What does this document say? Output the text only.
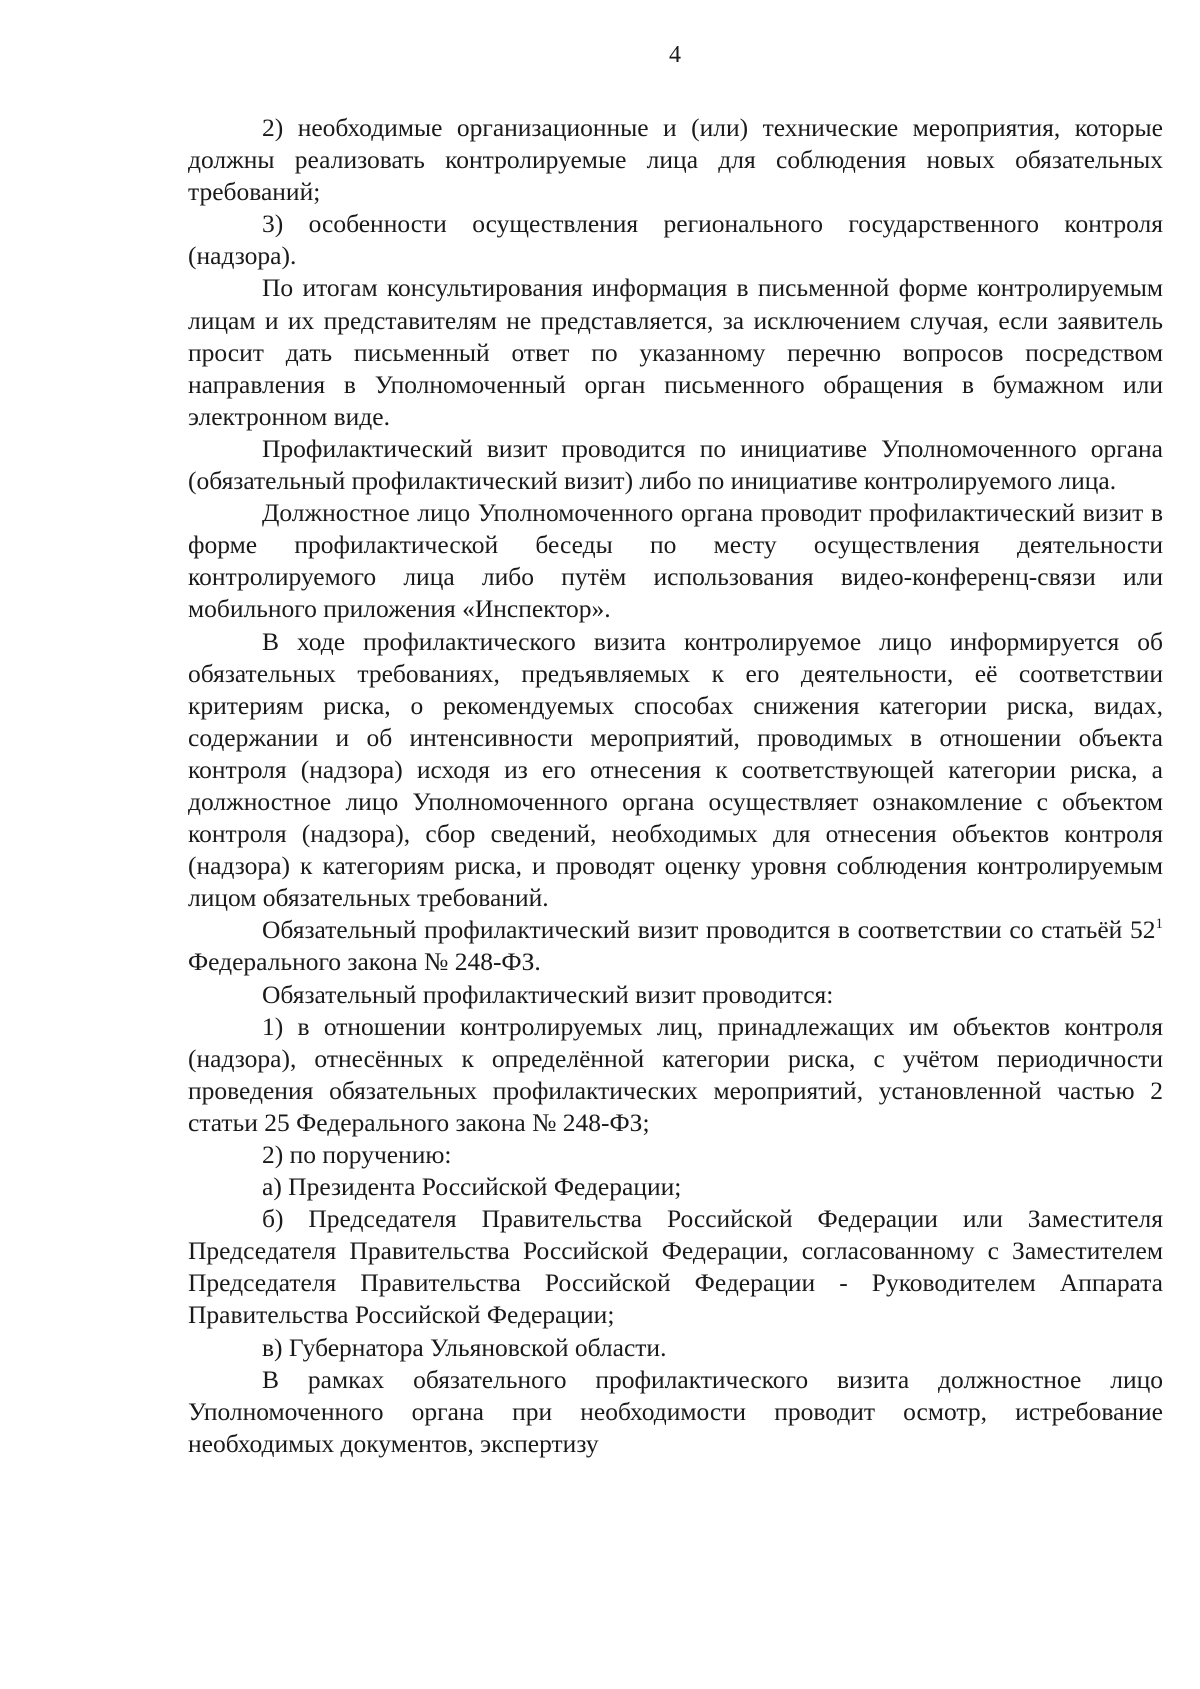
4

2) необходимые организационные и (или) технические мероприятия, которые должны реализовать контролируемые лица для соблюдения новых обязательных требований;

3) особенности осуществления регионального государственного контроля (надзора).

По итогам консультирования информация в письменной форме контролируемым лицам и их представителям не представляется, за исключением случая, если заявитель просит дать письменный ответ по указанному перечню вопросов посредством направления в Уполномоченный орган письменного обращения в бумажном или электронном виде.

Профилактический визит проводится по инициативе Уполномоченного органа (обязательный профилактический визит) либо по инициативе контролируемого лица.

Должностное лицо Уполномоченного органа проводит профилактический визит в форме профилактической беседы по месту осуществления деятельности контролируемого лица либо путём использования видео-конференц-связи или мобильного приложения «Инспектор».

В ходе профилактического визита контролируемое лицо информируется об обязательных требованиях, предъявляемых к его деятельности, её соответствии критериям риска, о рекомендуемых способах снижения категории риска, видах, содержании и об интенсивности мероприятий, проводимых в отношении объекта контроля (надзора) исходя из его отнесения к соответствующей категории риска, а должностное лицо Уполномоченного органа осуществляет ознакомление с объектом контроля (надзора), сбор сведений, необходимых для отнесения объектов контроля (надзора) к категориям риска, и проводят оценку уровня соблюдения контролируемым лицом обязательных требований.

Обязательный профилактический визит проводится в соответствии со статьёй $52^1$ Федерального закона № 248-ФЗ.

Обязательный профилактический визит проводится:

1) в отношении контролируемых лиц, принадлежащих им объектов контроля (надзора), отнесённых к определённой категории риска, с учётом периодичности проведения обязательных профилактических мероприятий, установленной частью 2 статьи 25 Федерального закона № 248-ФЗ;

2) по поручению:

а) Президента Российской Федерации;

б) Председателя Правительства Российской Федерации или Заместителя Председателя Правительства Российской Федерации, согласованному с Заместителем Председателя Правительства Российской Федерации - Руководителем Аппарата Правительства Российской Федерации;

в) Губернатора Ульяновской области.

В рамках обязательного профилактического визита должностное лицо Уполномоченного органа при необходимости проводит осмотр, истребование необходимых документов, экспертизу
